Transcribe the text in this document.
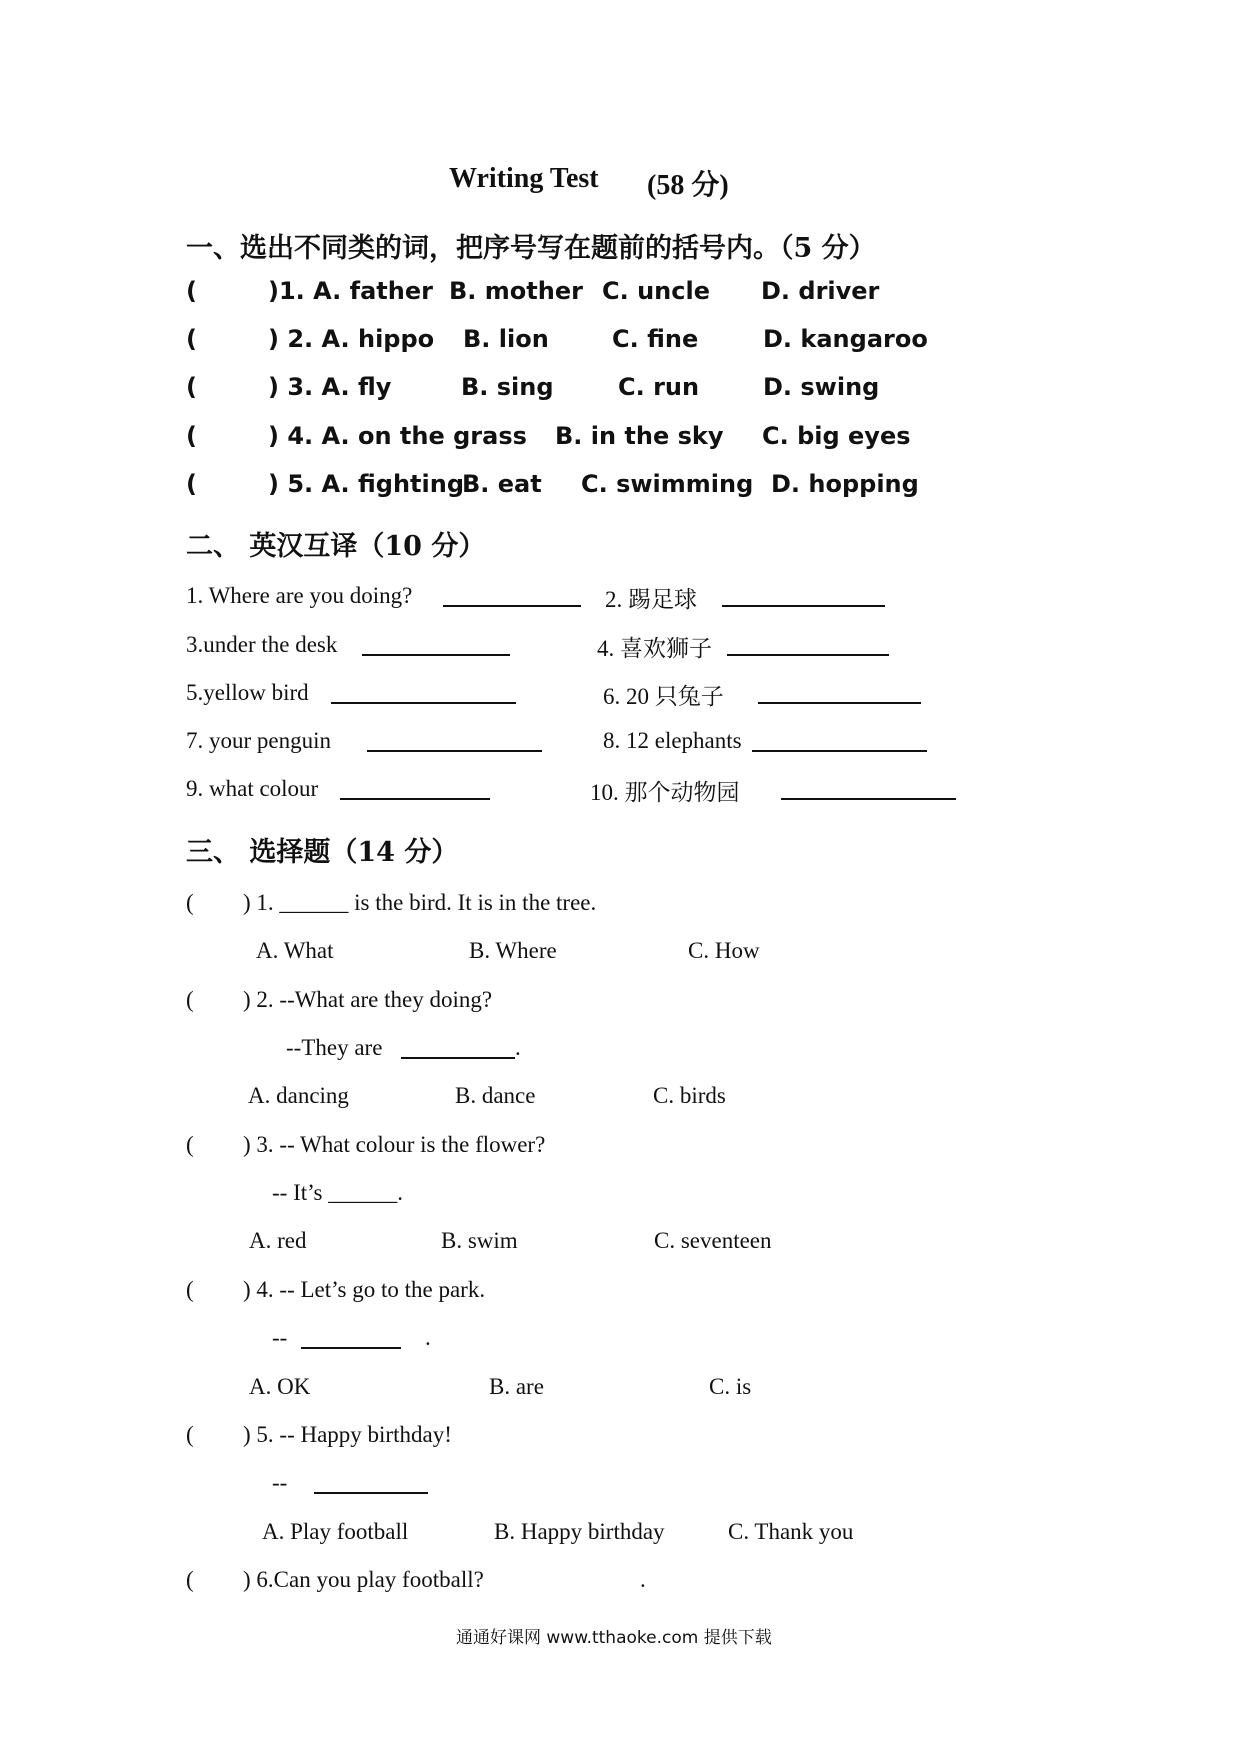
Writing Test (58 分)
一、选出不同类的词，把序号写在题前的括号内。（5 分）
(	)1. A. father B. mother C. uncle D. driver
(	) 2. A. hippo B. lion	C. fine	D. kangaroo
(	) 3. A. fly	B. sing	C. run	D. swing
(	) 4. A. on the grass B. in the sky C. big eyes
(	) 5. A. fighting
B. eat C. swimming D. hopping
二、 英汉互译（10 分）
1. Where are you doing?	2. 踢足球
3.under the desk	4. 喜欢狮子
5.yellow bird	6. 20 只兔子
7. your penguin	8. 12 elephants
9. what colour	10. 那个动物园
三、 选择题（14 分）
( ) 1. ______ is the bird. It is in the tree.
A. What	B. Where	C. How
( ) 2. --What are they doing?
--They are	.
A. dancing	B. dance	C. birds
( ) 3. -- What colour is the flower?
-- It’s ______.
A. red	B. swim	C. seventeen
( ) 4. -- Let’s go to the park.
--	.
A. OK	B. are	C. is
( ) 5. -- Happy birthday!
--
A. Play football	B. Happy birthday	C. Thank you
( ) 6.Can you play football?	.
通通好课网 www.tthaoke.com 提供下载
